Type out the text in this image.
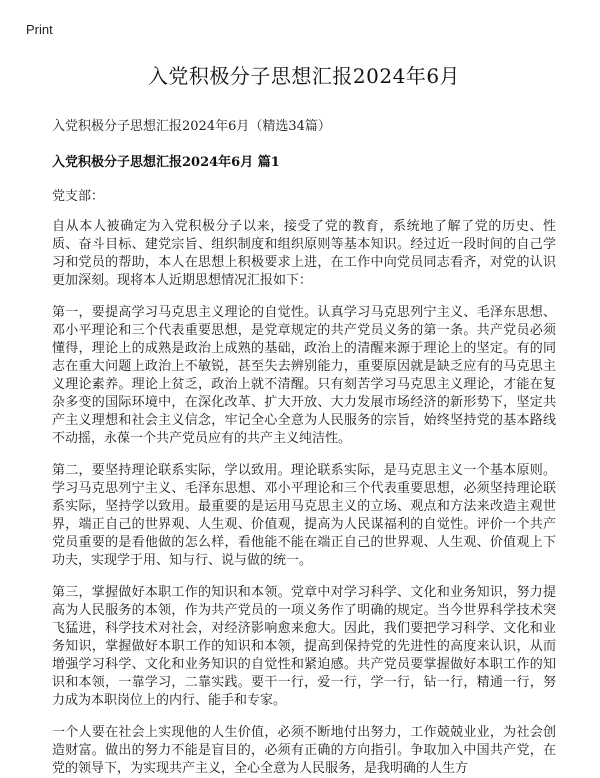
Print
入党积极分子思想汇报2024年6月

入党积极分子思想汇报2024年6月（精选34篇）

入党积极分子思想汇报2024年6月 篇1

党支部：

自从本人被确定为入党积极分子以来，接受了党的教育，系统地了解了党的历史、性质、奋斗目标、建党宗旨、组织制度和组织原则等基本知识。经过近一段时间的自己学习和党员的帮助，本人在思想上积极要求上进，在工作中向党员同志看齐，对党的认识更加深刻。现将本人近期思想情况汇报如下：

第一，要提高学习马克思主义理论的自觉性。认真学习马克思列宁主义、毛泽东思想、邓小平理论和三个代表重要思想，是党章规定的共产党员义务的第一条。共产党员必须懂得，理论上的成熟是政治上成熟的基础，政治上的清醒来源于理论上的坚定。有的同志在重大问题上政治上不敏锐，甚至失去辨别能力，重要原因就是缺乏应有的马克思主义理论素养。理论上贫乏，政治上就不清醒。只有刻苦学习马克思主义理论，才能在复杂多变的国际环境中，在深化改革、扩大开放、大力发展市场经济的新形势下，坚定共产主义理想和社会主义信念，牢记全心全意为人民服务的宗旨，始终坚持党的基本路线不动摇，永葆一个共产党员应有的共产主义纯洁性。

第二，要坚持理论联系实际，学以致用。理论联系实际，是马克思主义一个基本原则。学习马克思列宁主义、毛泽东思想、邓小平理论和三个代表重要思想，必须坚持理论联系实际，坚持学以致用。最重要的是运用马克思主义的立场、观点和方法来改造主观世界，端正自己的世界观、人生观、价值观，提高为人民谋福利的自觉性。评价一个共产党员重要的是看他做的怎么样，看他能不能在端正自己的世界观、人生观、价值观上下功夫，实现学于用、知与行、说与做的统一。

第三，掌握做好本职工作的知识和本领。党章中对学习科学、文化和业务知识，努力提高为人民服务的本领，作为共产党员的一项义务作了明确的规定。当今世界科学技术突飞猛进，科学技术对社会，对经济影响愈来愈大。因此，我们要把学习科学、文化和业务知识，掌握做好本职工作的知识和本领，提高到保持党的先进性的高度来认识，从而增强学习科学、文化和业务知识的自觉性和紧迫感。共产党员要掌握做好本职工作的知识和本领，一靠学习，二靠实践。要干一行，爱一行，学一行，钻一行，精通一行，努力成为本职岗位上的内行、能手和专家。

一个人要在社会上实现他的人生价值，必须不断地付出努力，工作兢兢业业，为社会创造财富。做出的努力不能是盲目的，必须有正确的方向指引。争取加入中国共产党，在党的领导下，为实现共产主义，全心全意为人民服务，是我明确的人生方
